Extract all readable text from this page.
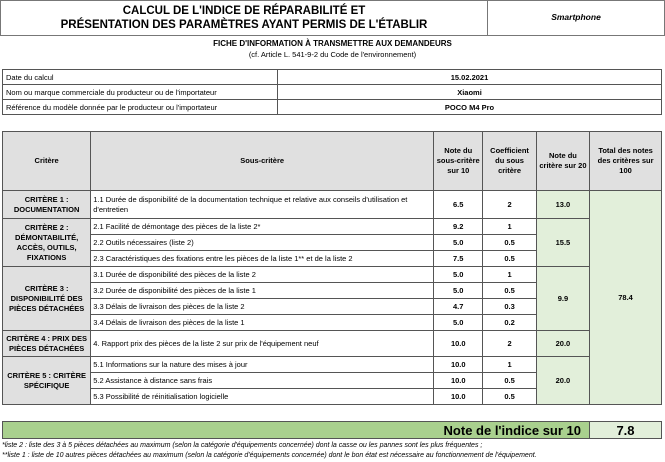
CALCUL DE L'INDICE DE RÉPARABILITÉ ET
PRÉSENTATION DES PARAMÈTRES AYANT PERMIS DE L'ÉTABLIR
Smartphone
FICHE D'INFORMATION À TRANSMETTRE AUX DEMANDEURS
(cf. Article L. 541-9-2 du Code de l'environnement)
Date du calcul	15.02.2021
Nom ou marque commerciale du producteur ou de l'importateur	Xiaomi
Référence du modèle donnée par le producteur ou l'importateur	POCO M4 Pro
Critère	Sous-critère	Note du sous-critère sur 10	Coefficient du sous critère	Note du critère sur 20	Total des notes des critères sur 100
CRITÈRE 1 : DOCUMENTATION	1.1 Durée de disponibilité de la documentation technique et relative aux conseils d'utilisation et d'entretien	6.5	2	13.0	78.4
CRITÈRE 2 : DÉMONTABILITÉ, ACCÈS, OUTILS, FIXATIONS	2.1 Facilité de démontage des pièces de la liste 2*	9.2	1	15.5	
	2.2 Outils nécessaires (liste 2)	5.0	0.5		
	2.3 Caractéristiques des fixations entre les pièces de la liste 1** et de la liste 2	7.5	0.5		
CRITÈRE 3 : DISPONIBILITÉ DES PIÈCES DÉTACHÉES	3.1 Durée de disponibilité des pièces de la liste 2	5.0	1	9.9	
	3.2 Durée de disponibilité des pièces de la liste 1	5.0	0.5		
	3.3 Délais de livraison des pièces de la liste 2	4.7	0.3		
	3.4 Délais de livraison des pièces de la liste 1	5.0	0.2		
CRITÈRE 4 : PRIX DES PIÈCES DÉTACHÉES	4. Rapport prix des pièces de la liste 2 sur prix de l'équipement neuf	10.0	2	20.0	
CRITÈRE 5 : CRITÈRE SPÉCIFIQUE	5.1 Informations sur la nature des mises à jour	10.0	1	20.0	
	5.2 Assistance à distance sans frais	10.0	0.5		
	5.3 Possibilité de réinitialisation logicielle	10.0	0.5		
Note de l'indice sur 10	7.8
*liste 2 : liste des 3 à 5 pièces détachées au maximum (selon la catégorie d'équipements concernée) dont la casse ou les pannes sont les plus fréquentes ;
**liste 1 : liste de 10 autres pièces détachées au maximum (selon la catégorie d'équipements concernée) dont le bon état est nécessaire au fonctionnement de l'équipement.
